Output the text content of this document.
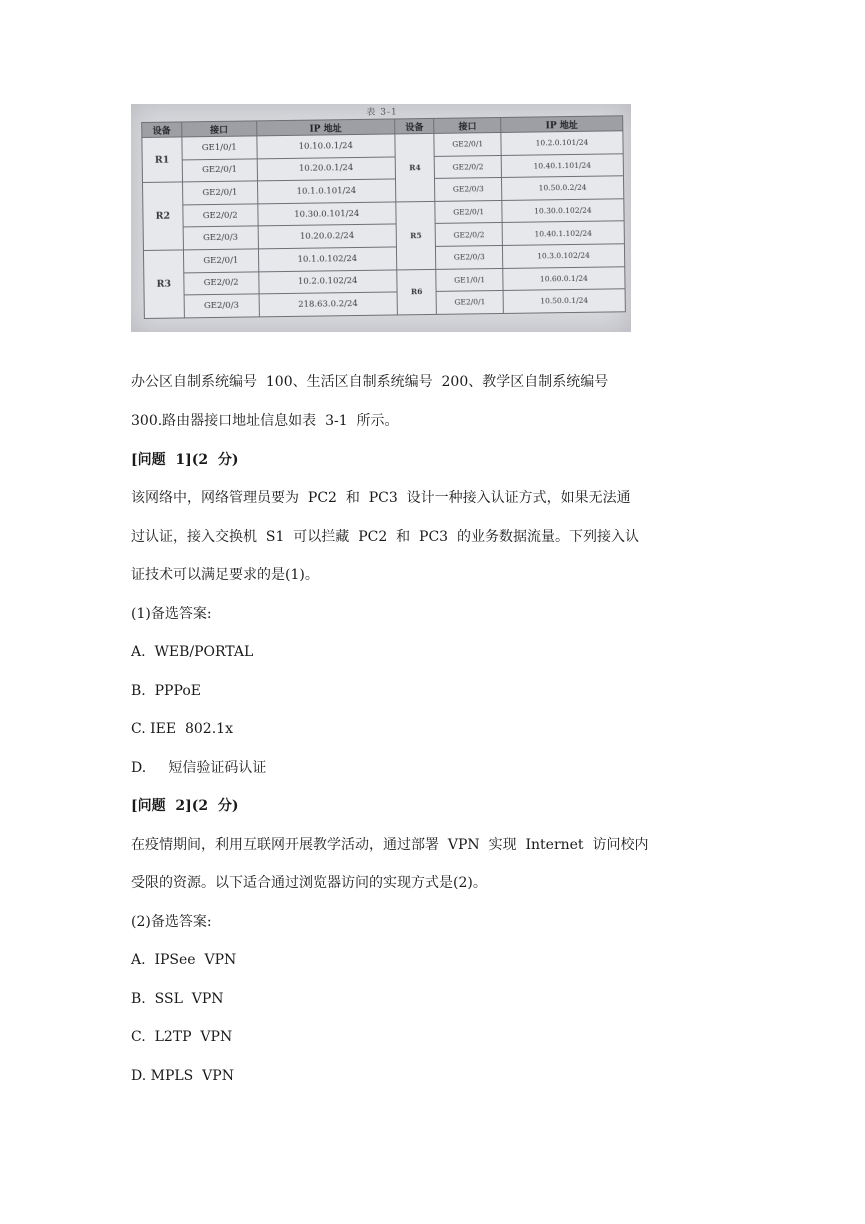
表 3-1
设备	接口	IP 地址	设备	接口	IP 地址
R1	GE1/0/1	10.10.0.1/24	R4	GE2/0/1	10.2.0.101/24
	GE2/0/1	10.20.0.1/24		GE2/0/2	10.40.1.101/24
R2	GE2/0/1	10.1.0.101/24		GE2/0/3	10.50.0.2/24
	GE2/0/2	10.30.0.101/24	R5	GE2/0/1	10.30.0.102/24
	GE2/0/3	10.20.0.2/24		GE2/0/2	10.40.1.102/24
R3	GE2/0/1	10.1.0.102/24		GE2/0/3	10.3.0.102/24
	GE2/0/2	10.2.0.102/24	R6	GE1/0/1	10.60.0.1/24
	GE2/0/3	218.63.0.2/24		GE2/0/1	10.50.0.1/24
办公区自制系统编号  100、生活区自制系统编号  200、教学区自制系统编号
300.路由器接口地址信息如表  3-1  所示。
[问题  1](2  分)
该网络中，网络管理员要为  PC2  和  PC3  设计一种接入认证方式，如果无法通
过认证，接入交换机  S1  可以拦藏  PC2  和  PC3  的业务数据流量。下列接入认
证技术可以满足要求的是(1)。
(1)备选答案:
A.  WEB/PORTAL
B.  PPPoE
C. IEE  802.1x
D.     短信验证码认证
[问题  2](2  分)
在疫情期间，利用互联网开展教学活动，通过部署  VPN  实现  Internet  访问校内
受限的资源。以下适合通过浏览器访问的实现方式是(2)。
(2)备选答案:
A.  IPSee  VPN
B.  SSL  VPN
C.  L2TP  VPN
D. MPLS  VPN
